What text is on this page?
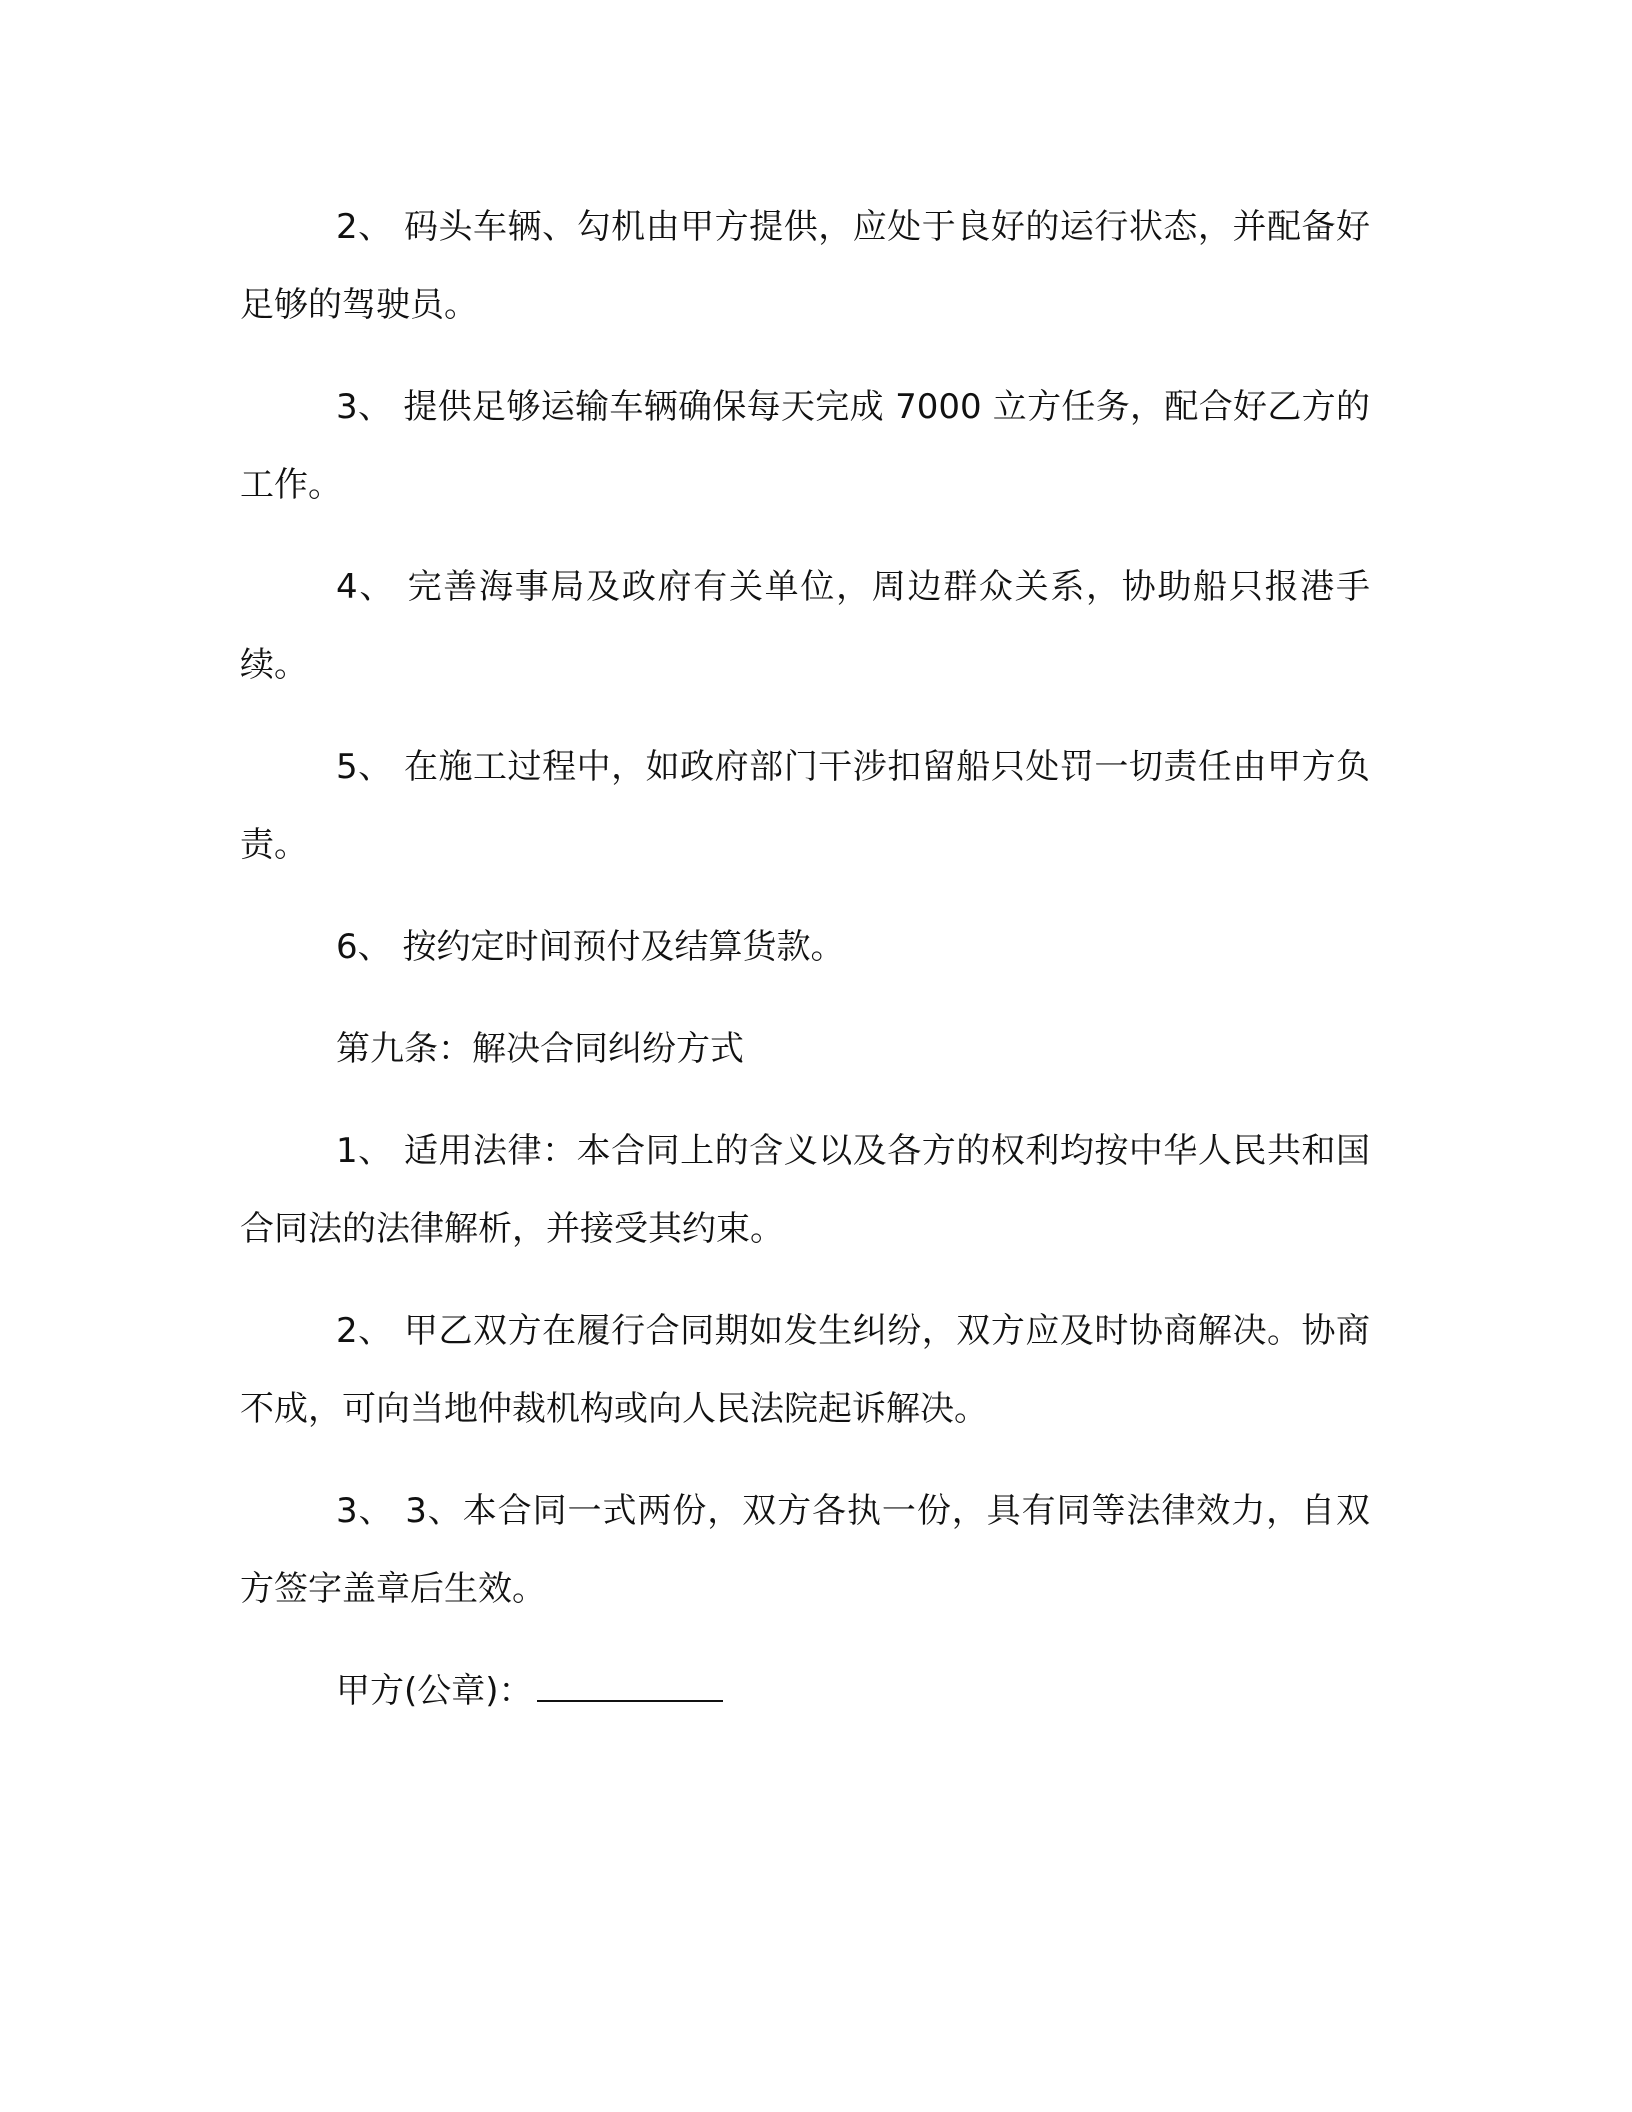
2、 码头车辆、勾机由甲方提供，应处于良好的运行状态，并配备好足够的驾驶员。

3、 提供足够运输车辆确保每天完成 7000 立方任务，配合好乙方的工作。

4、 完善海事局及政府有关单位，周边群众关系，协助船只报港手续。

5、 在施工过程中，如政府部门干涉扣留船只处罚一切责任由甲方负责。

6、 按约定时间预付及结算货款。

第九条：解决合同纠纷方式

1、 适用法律：本合同上的含义以及各方的权利均按中华人民共和国合同法的法律解析，并接受其约束。

2、 甲乙双方在履行合同期如发生纠纷，双方应及时协商解决。协商不成，可向当地仲裁机构或向人民法院起诉解决。

3、 3、本合同一式两份，双方各执一份，具有同等法律效力，自双方签字盖章后生效。

甲方(公章)：
